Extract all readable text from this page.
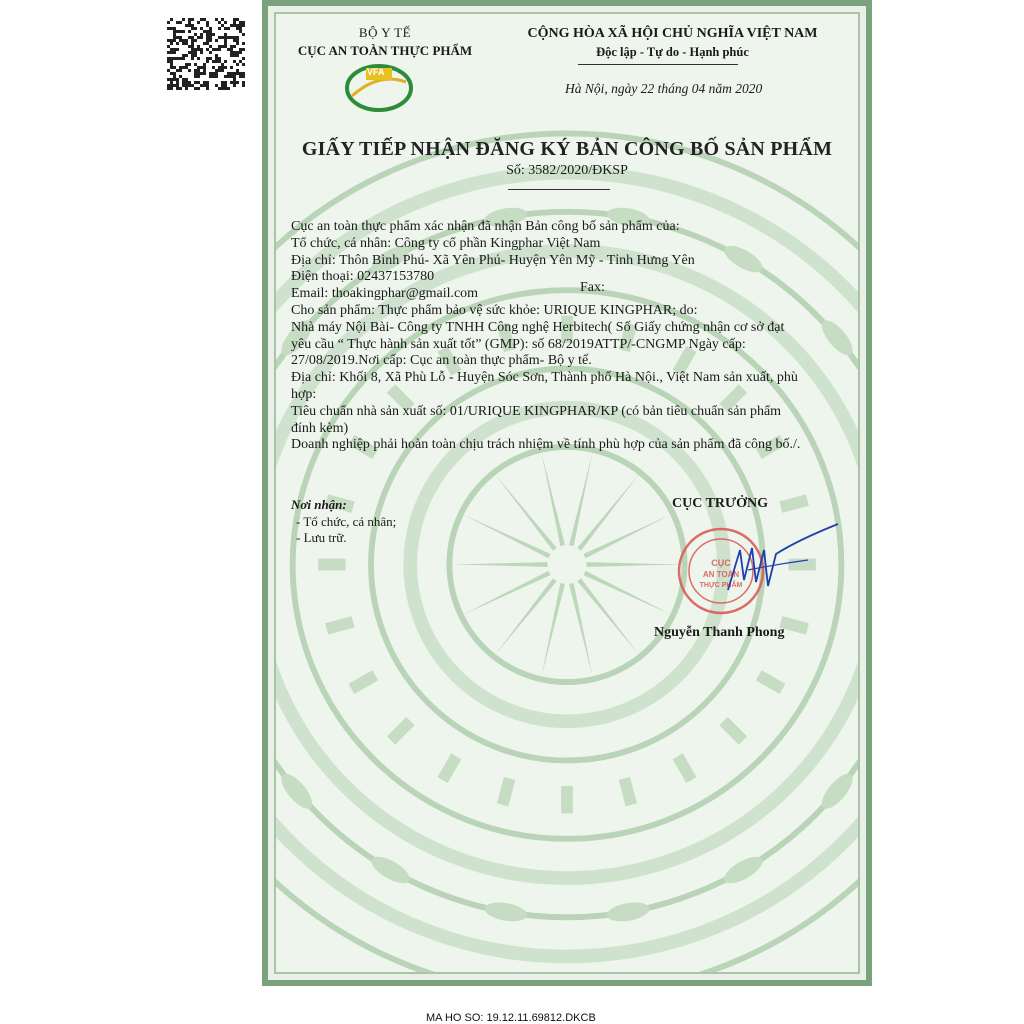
BỘ Y TẾ
CỤC AN TOÀN THỰC PHẨM
VFA
CỘNG HÒA XÃ HỘI CHỦ NGHĨA VIỆT NAM
Độc lập - Tự do - Hạnh phúc
Hà Nội, ngày 22 tháng 04 năm 2020
GIẤY TIẾP NHẬN ĐĂNG KÝ BẢN CÔNG BỐ SẢN PHẨM
Số: 3582/2020/ĐKSP
Cục an toàn thực phẩm xác nhận đã nhận Bản công bố sản phẩm của:
Tổ chức, cá nhân: Công ty cổ phần Kingphar Việt Nam
Địa chỉ: Thôn Bình Phú- Xã Yên Phú- Huyện Yên Mỹ - Tỉnh Hưng Yên
Điện thoại: 02437153780
Email: thoakingphar@gmail.com
Cho sản phẩm: Thực phẩm bảo vệ sức khỏe: URIQUE KINGPHAR; do:
Nhà máy Nội Bài- Công ty TNHH Công nghệ Herbitech( Số Giấy chứng nhận cơ sở đạt
yêu cầu “ Thực hành sản xuất tốt” (GMP): số 68/2019ATTP/-CNGMP Ngày cấp:
27/08/2019.Nơi cấp: Cục an toàn thực phẩm- Bộ y tế.
Địa chỉ: Khối 8, Xã Phù Lỗ - Huyện Sóc Sơn, Thành phố Hà Nội., Việt Nam sản xuất, phù
hợp:
Tiêu chuẩn nhà sản xuất số: 01/URIQUE KINGPHAR/KP (có bản tiêu chuẩn sản phẩm
đính kèm)
Doanh nghiệp phải hoàn toàn chịu trách nhiệm về tính phù hợp của sản phẩm đã công bố./.
Fax:
Nơi nhận:
- Tổ chức, cá nhân;
- Lưu trữ.
CỤC TRƯỞNG
CỤC
AN TOÀN
THỰC PHẨM
Nguyễn Thanh Phong
MA HO SO: 19.12.11.69812.DKCB
